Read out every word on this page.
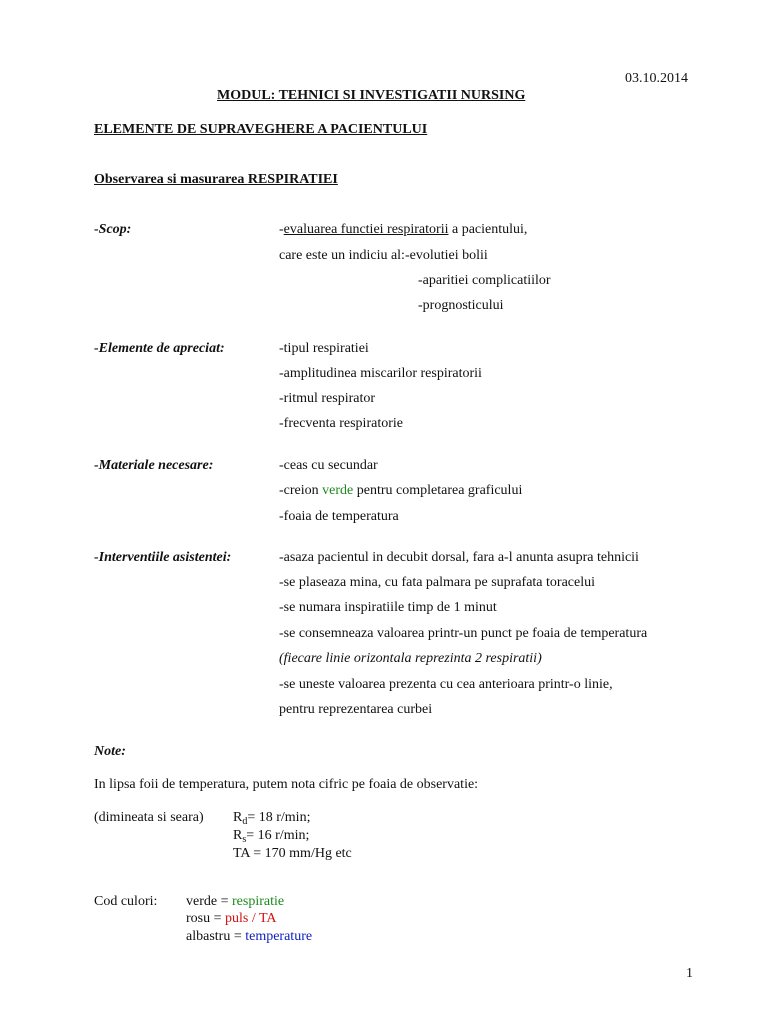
03.10.2014
MODUL: TEHNICI SI INVESTIGATII NURSING
ELEMENTE DE SUPRAVEGHERE A PACIENTULUI
Observarea si masurarea RESPIRATIEI
-Scop:	-evaluarea functiei respiratorii a pacientului,
care este un indiciu al:-evolutiei bolii
-aparitiei complicatiilor
-prognosticului
-Elemente de apreciat:	-tipul respiratiei
-amplitudinea miscarilor respiratorii
-ritmul respirator
-frecventa respiratorie
-Materiale necesare:	-ceas cu secundar
-creion verde pentru completarea graficului
-foaia de temperatura
-Interventiile asistentei:	-asaza pacientul in decubit dorsal, fara a-l anunta asupra tehnicii
-se plaseaza mina, cu fata palmara pe suprafata toracelui
-se numara inspiratiile timp de 1 minut
-se consemneaza valoarea printr-un punct pe foaia de temperatura
(fiecare linie orizontala reprezinta 2 respiratii)
-se uneste valoarea prezenta cu cea anterioara printr-o linie,
pentru reprezentarea curbei
Note:
In lipsa foii de temperatura, putem nota cifric pe foaia de observatie:
(dimineata si seara) $R_d= 18$ r/min;
$R_s= 16$ r/min;
TA = 170 mm/Hg etc
Cod culori: verde = respiratie
rosu = puls / TA
albastru = temperature
1
